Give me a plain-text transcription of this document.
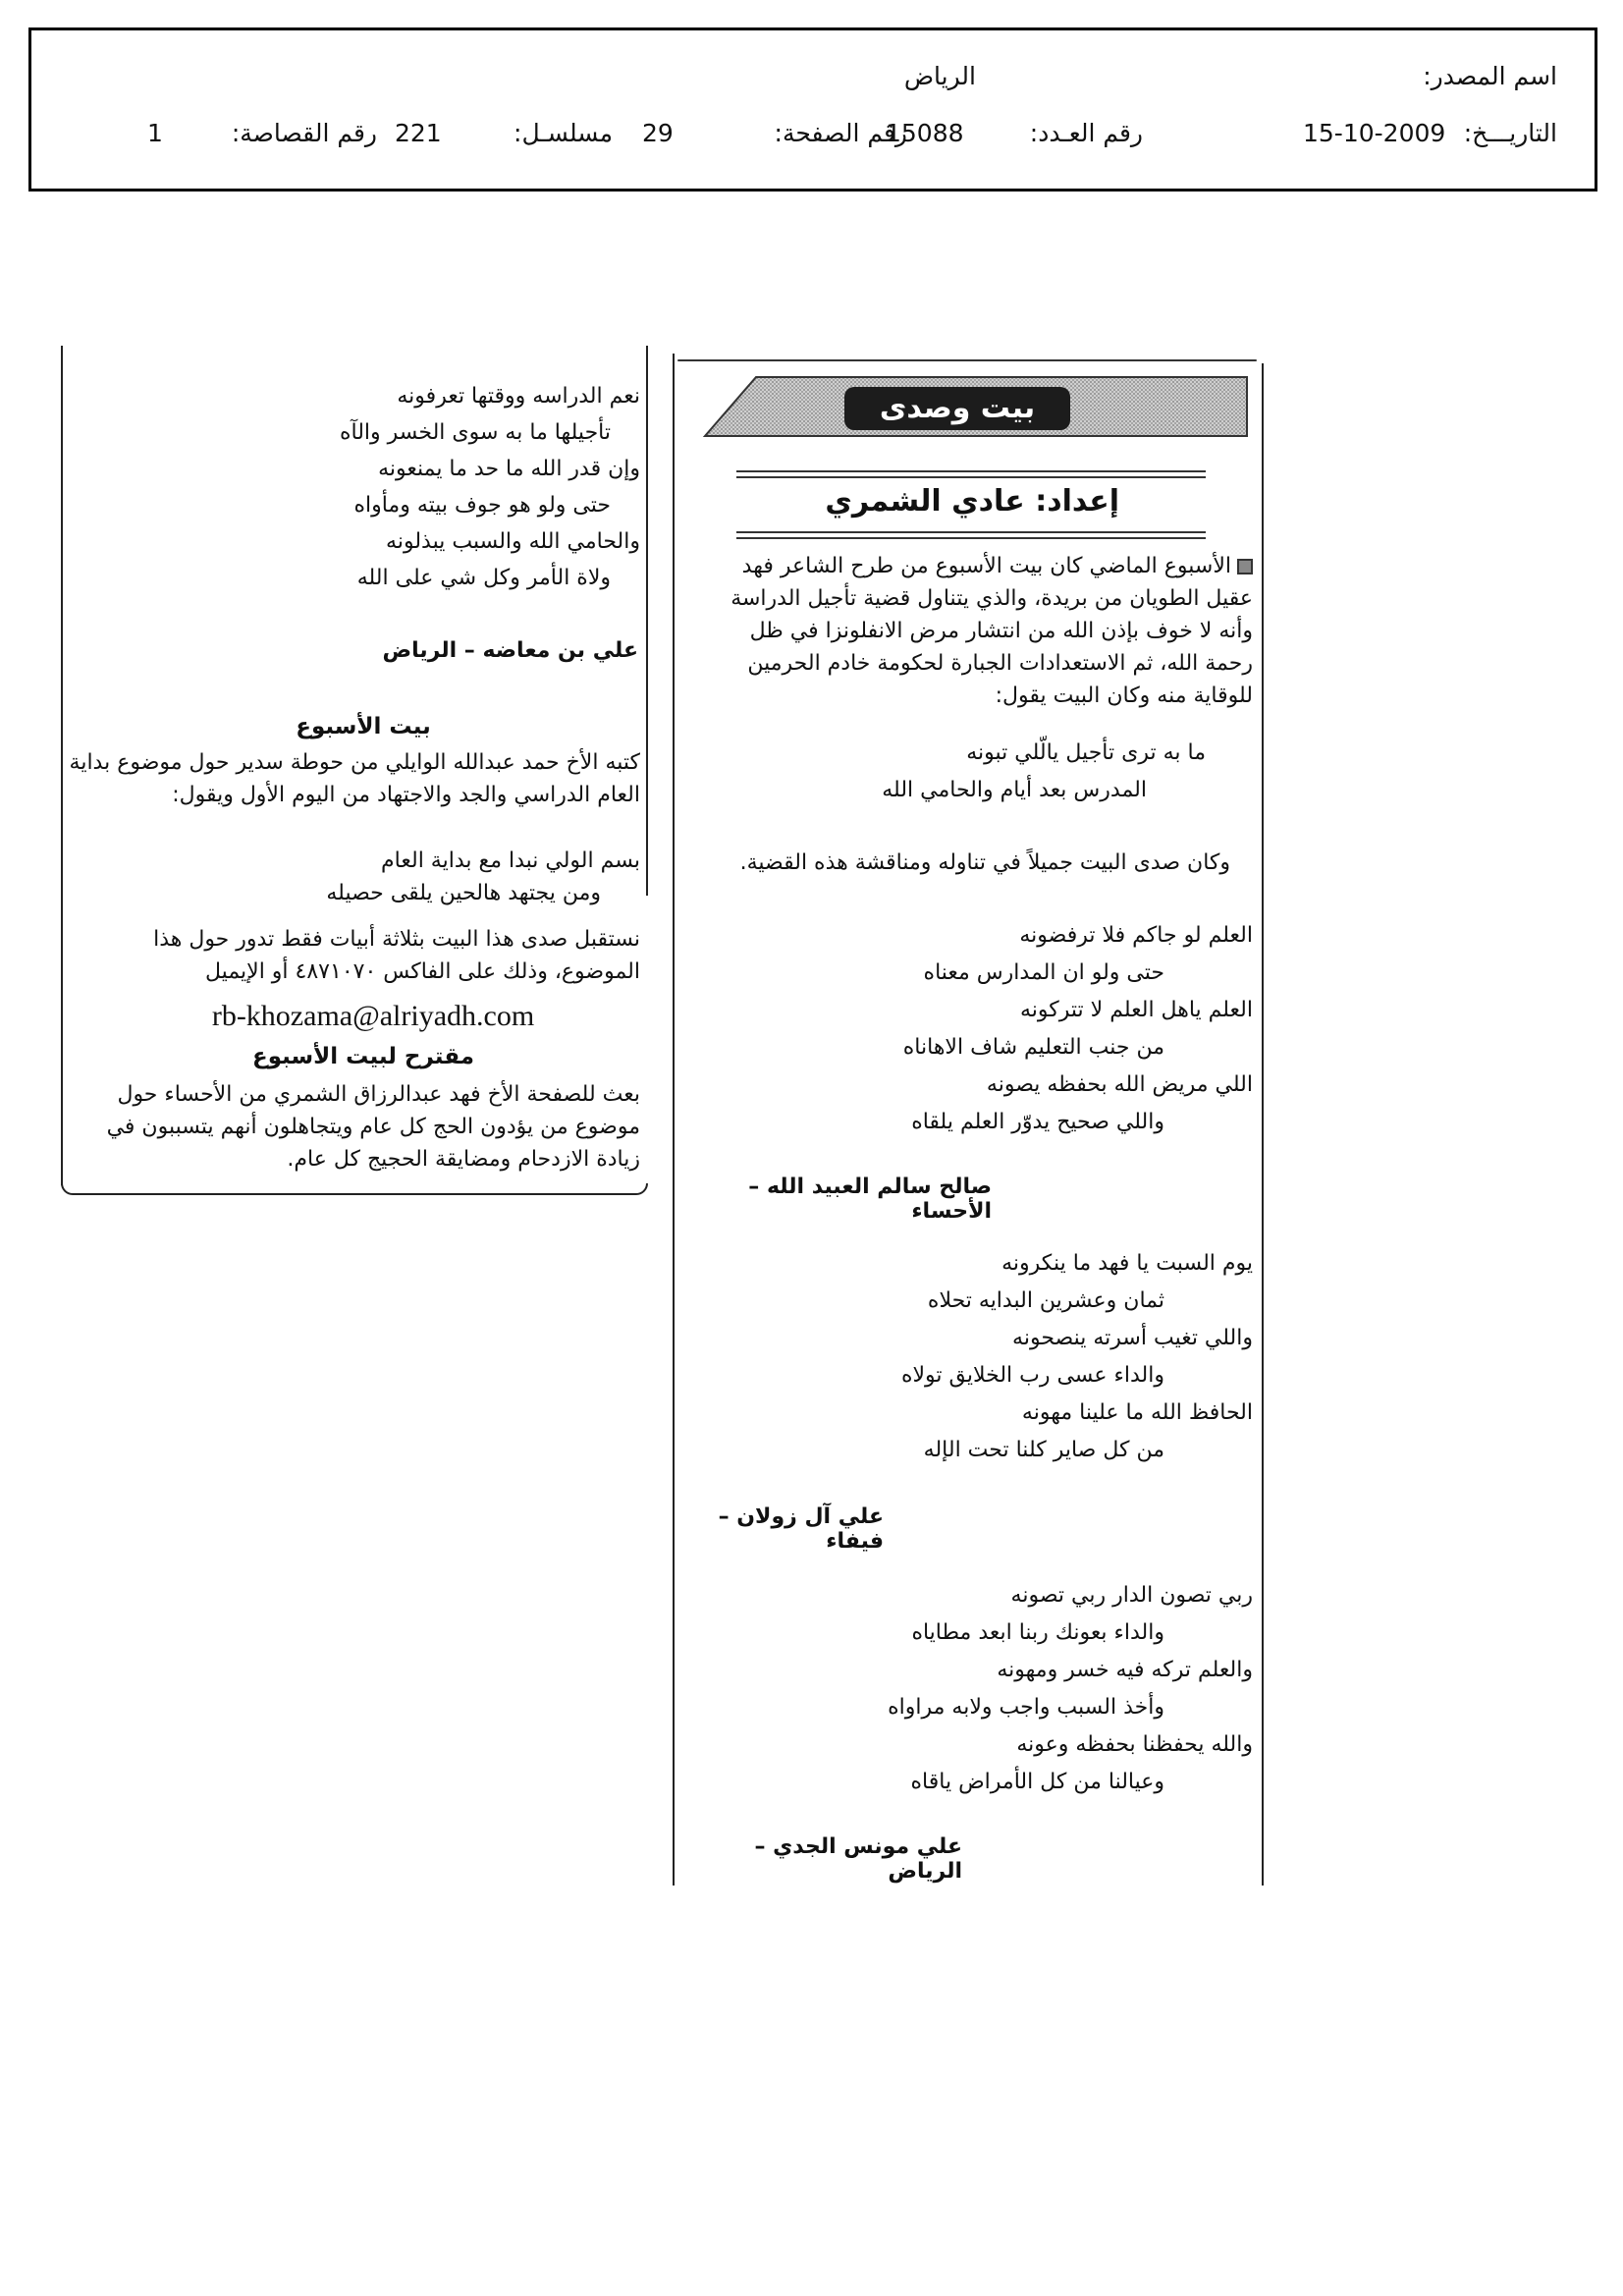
اسم المصدر:
الرياض
التاريـــخ:
15-10-2009
رقم العـدد:
15088
رقم الصفحة:
29
مسلسـل:
221
رقم القصاصة:
1
بيت وصدى
إعداد: عادي الشمري
الأسبوع الماضي كان بيت الأسبوع من طرح الشاعر فهد عقيل الطويان من بريدة، والذي يتناول قضية تأجيل الدراسة وأنه لا خوف بإذن الله من انتشار مرض الانفلونزا في ظل رحمة الله، ثم الاستعدادات الجبارة لحكومة خادم الحرمين للوقاية منه وكان البيت يقول:
ما به ترى تأجيل يالّلي تبونه
المدرس بعد أيام والحامي الله
وكان صدى البيت جميلاً في تناوله ومناقشة هذه القضية.
العلم لو جاكم فلا ترفضونه
حتى ولو ان المدارس معناه
العلم ياهل العلم لا تتركونه
من جنب التعليم شاف الاهاناه
اللي مريض الله بحفظه يصونه
واللي صحيح يدوّر العلم يلقاه
صالح سالم العبيد الله – الأحساء
يوم السبت يا فهد ما ينكرونه
ثمان وعشرين البدايه تحلاه
واللي تغيب أسرته ينصحونه
والداء عسى رب الخلايق تولاه
الحافظ الله ما علينا مهونه
من كل صاير كلنا تحت الإله
علي آل زولان – فيفاء
ربي تصون الدار ربي تصونه
والداء بعونك ربنا ابعد مطاياه
والعلم تركه فيه خسر ومهونه
وأخذ السبب واجب ولابه مراواه
والله يحفظنا بحفظه وعونه
وعيالنا من كل الأمراض ياقاه
علي مونس الجدي – الرياض
نعم الدراسه ووقتها تعرفونه
تأجيلها ما به سوى الخسر والآه
وإن قدر الله ما حد ما يمنعونه
حتى ولو هو جوف بيته ومأواه
والحامي الله والسبب يبذلونه
ولاة الأمر وكل شي على الله
علي بن معاضه – الرياض
بيت الأسبوع
كتبه الأخ حمد عبدالله الوايلي من حوطة سدير حول موضوع بداية العام الدراسي والجد والاجتهاد من اليوم الأول ويقول:
بسم الولي نبدا مع بداية العام
ومن يجتهد هالحين يلقى حصيله
نستقبل صدى هذا البيت بثلاثة أبيات فقط تدور حول هذا الموضوع، وذلك على الفاكس ٤٨٧١٠٧٠ أو الإيميل
rb-khozama@alriyadh.com
مقترح لبيت الأسبوع
بعث للصفحة الأخ فهد عبدالرزاق الشمري من الأحساء حول موضوع من يؤدون الحج كل عام ويتجاهلون أنهم يتسببون في زيادة الازدحام ومضايقة الحجيج كل عام.
